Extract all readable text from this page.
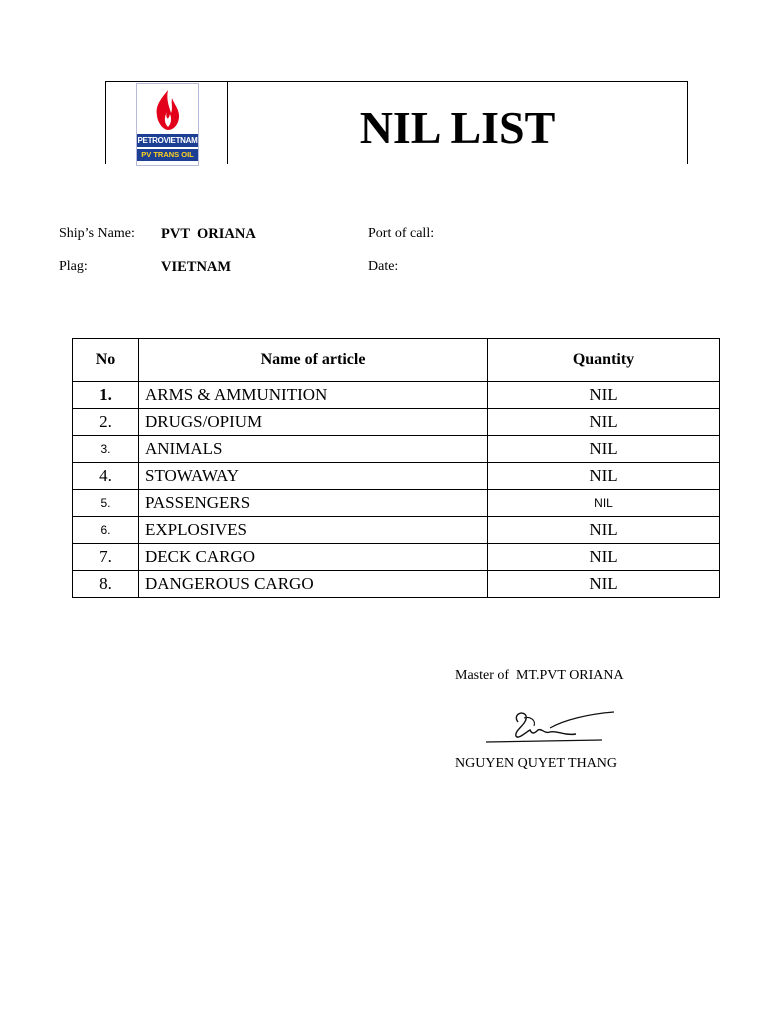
PETROVIETNAM
PV TRANS OIL
NIL LIST
Ship’s Name: PVT  ORIANA	Port of call:
Plag:	VIETNAM	Date:
No	Name of article	Quantity
1.	ARMS & AMMUNITION	NIL
2.	DRUGS/OPIUM	NIL
3.	ANIMALS	NIL
4.	STOWAWAY	NIL
5.	PASSENGERS	NIL
6.	EXPLOSIVES	NIL
7.	DECK CARGO	NIL
8.	DANGEROUS CARGO	NIL
Master of  MT.PVT ORIANA
NGUYEN QUYET THANG
